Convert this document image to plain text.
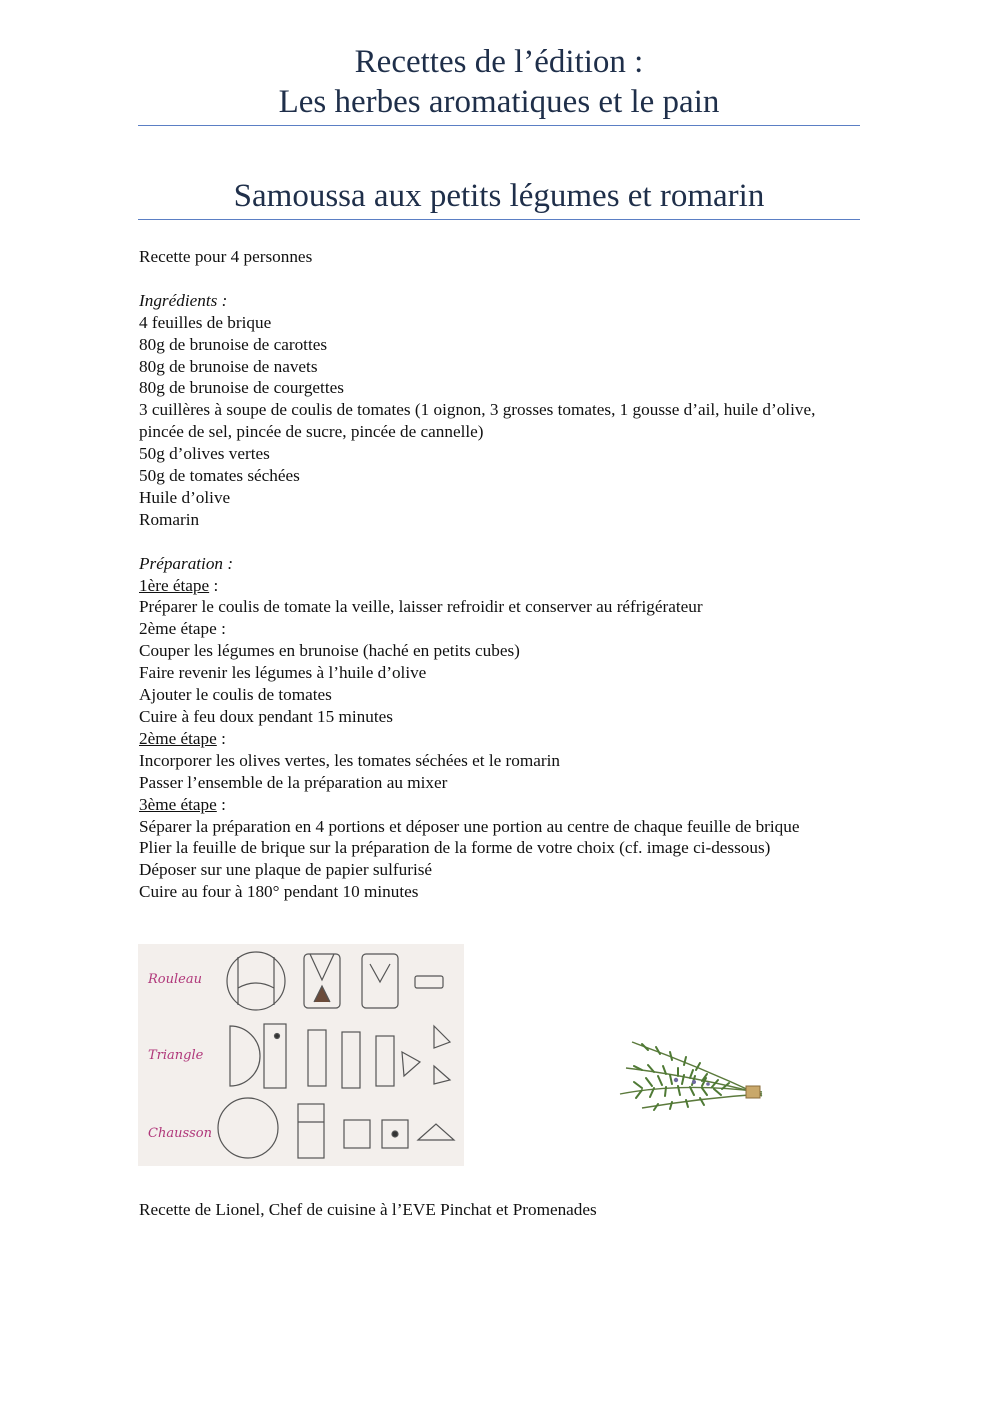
Recettes de l’édition :
Les herbes aromatiques et le pain
Samoussa aux petits légumes et romarin
Recette pour 4 personnes
Ingrédients :
4 feuilles de brique
80g de brunoise de carottes
80g de brunoise de navets
80g de brunoise de courgettes
3 cuillères à soupe de coulis de tomates (1 oignon, 3 grosses tomates, 1 gousse d’ail, huile d’olive, pincée de sel, pincée de sucre, pincée de cannelle)
50g d’olives vertes
50g de tomates séchées
Huile d’olive
Romarin
Préparation :
1ère étape :
Préparer le coulis de tomate la veille, laisser refroidir et conserver au réfrigérateur
2ème étape :
Couper les légumes en brunoise (haché en petits cubes)
Faire revenir les légumes à l’huile d’olive
Ajouter le coulis de tomates
Cuire à feu doux pendant 15 minutes
2ème étape :
Incorporer les olives vertes, les tomates séchées et le romarin
Passer l’ensemble de la préparation au mixer
3ème étape :
Séparer la préparation en 4 portions et déposer une portion au centre de chaque feuille de brique
Plier la feuille de brique sur la préparation de la forme de votre choix (cf. image ci-dessous)
Déposer sur une plaque de papier sulfurisé
Cuire au four à 180° pendant 10 minutes
Rouleau
Triangle
Chausson
Recette de Lionel, Chef de cuisine à l’EVE Pinchat et Promenades
